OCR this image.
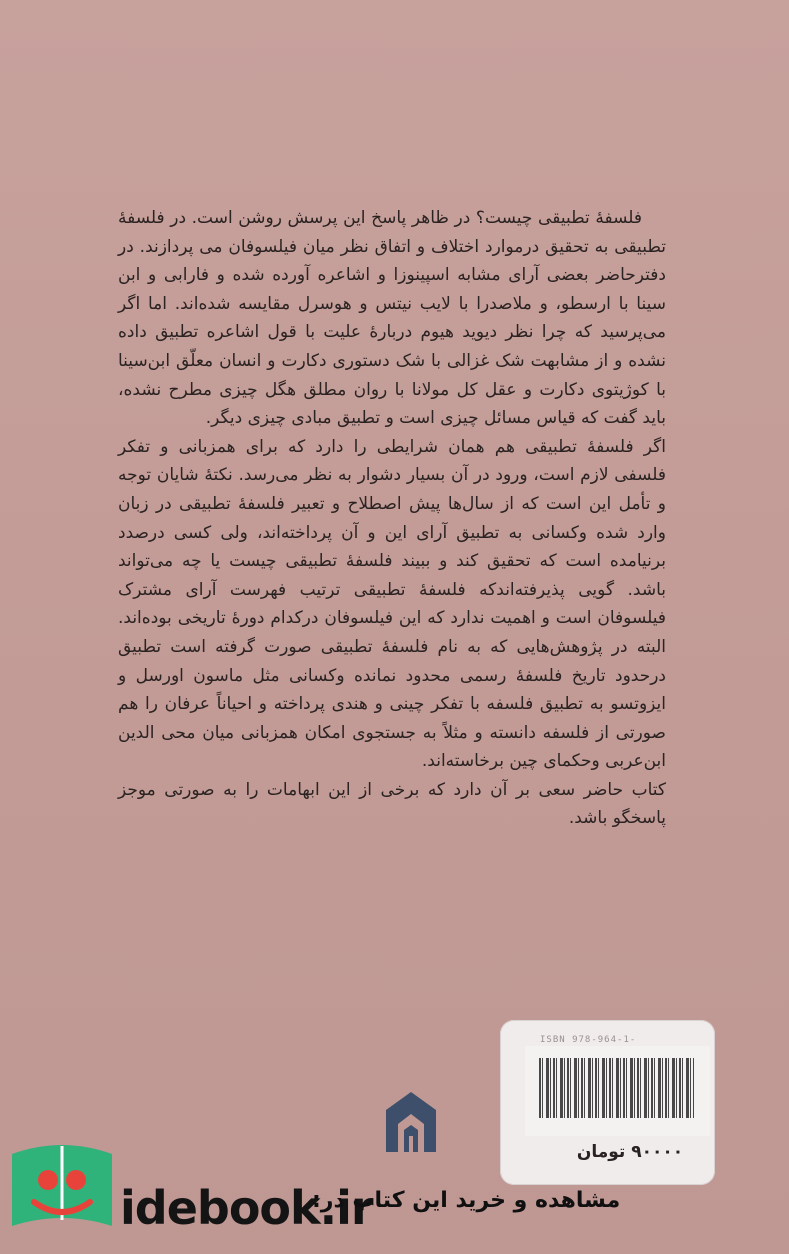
فلسفهٔ تطبیقی چیست؟ در ظاهر پاسخ این پرسش روشن است. در فلسفهٔ تطبیقی به تحقیق درموارد اختلاف و اتفاق نظر میان فیلسوفان می پردازند. در دفترحاضر بعضی آرای مشابه اسپینوزا و اشاعره آورده شده و فارابی و ابن سینا با ارسطو، و ملاصدرا با لایب نیتس و هوسرل مقایسه شده‌اند. اما اگر می‌پرسید که چرا نظر دیوید هیوم دربارهٔ علیت با قول اشاعره تطبیق داده نشده و از مشابهت شک غزالی با شک دستوری دکارت و انسان معلّق ابن‌سینا با کوژیتوی دکارت و عقل کل مولانا با روان مطلق هگل چیزی مطرح نشده، باید گفت که قیاس مسائل چیزی است و تطبیق مبادی چیزی دیگر.

اگر فلسفهٔ تطبیقی هم همان شرایطی را دارد که برای همزبانی و تفکر فلسفی لازم است، ورود در آن بسیار دشوار به نظر می‌رسد. نکتهٔ شایان توجه و تأمل این است که از سال‌ها پیش اصطلاح و تعبیر فلسفهٔ تطبیقی در زبان وارد شده وکسانی به تطبیق آرای این و آن پرداخته‌اند، ولی کسی درصدد برنیامده است که تحقیق کند و ببیند فلسفهٔ تطبیقی چیست یا چه می‌تواند باشد. گویی پذیرفته‌اندکه فلسفهٔ تطبیقی ترتیب فهرست آرای مشترک فیلسوفان است و اهمیت ندارد که این فیلسوفان درکدام دورهٔ تاریخی بوده‌اند. البته در پژوهش‌هایی که به نام فلسفهٔ تطبیقی صورت گرفته است تطبیق درحدود تاریخ فلسفهٔ رسمی محدود نمانده وکسانی مثل ماسون اورسل و ایزوتسو به تطبیق فلسفه با تفکر چینی و هندی پرداخته و احیاناً عرفان را هم صورتی از فلسفه دانسته و مثلاً به جستجوی امکان همزبانی میان محی الدین ابن‌عربی وحکمای چین برخاسته‌اند.

کتاب حاضر سعی بر آن دارد که برخی از این ابهامات را به صورتی موجز پاسخگو باشد.

ISBN 978-964-1-
۹۰۰۰۰ تومان
idebook.ir
مشاهده و خرید این کتاب در:
